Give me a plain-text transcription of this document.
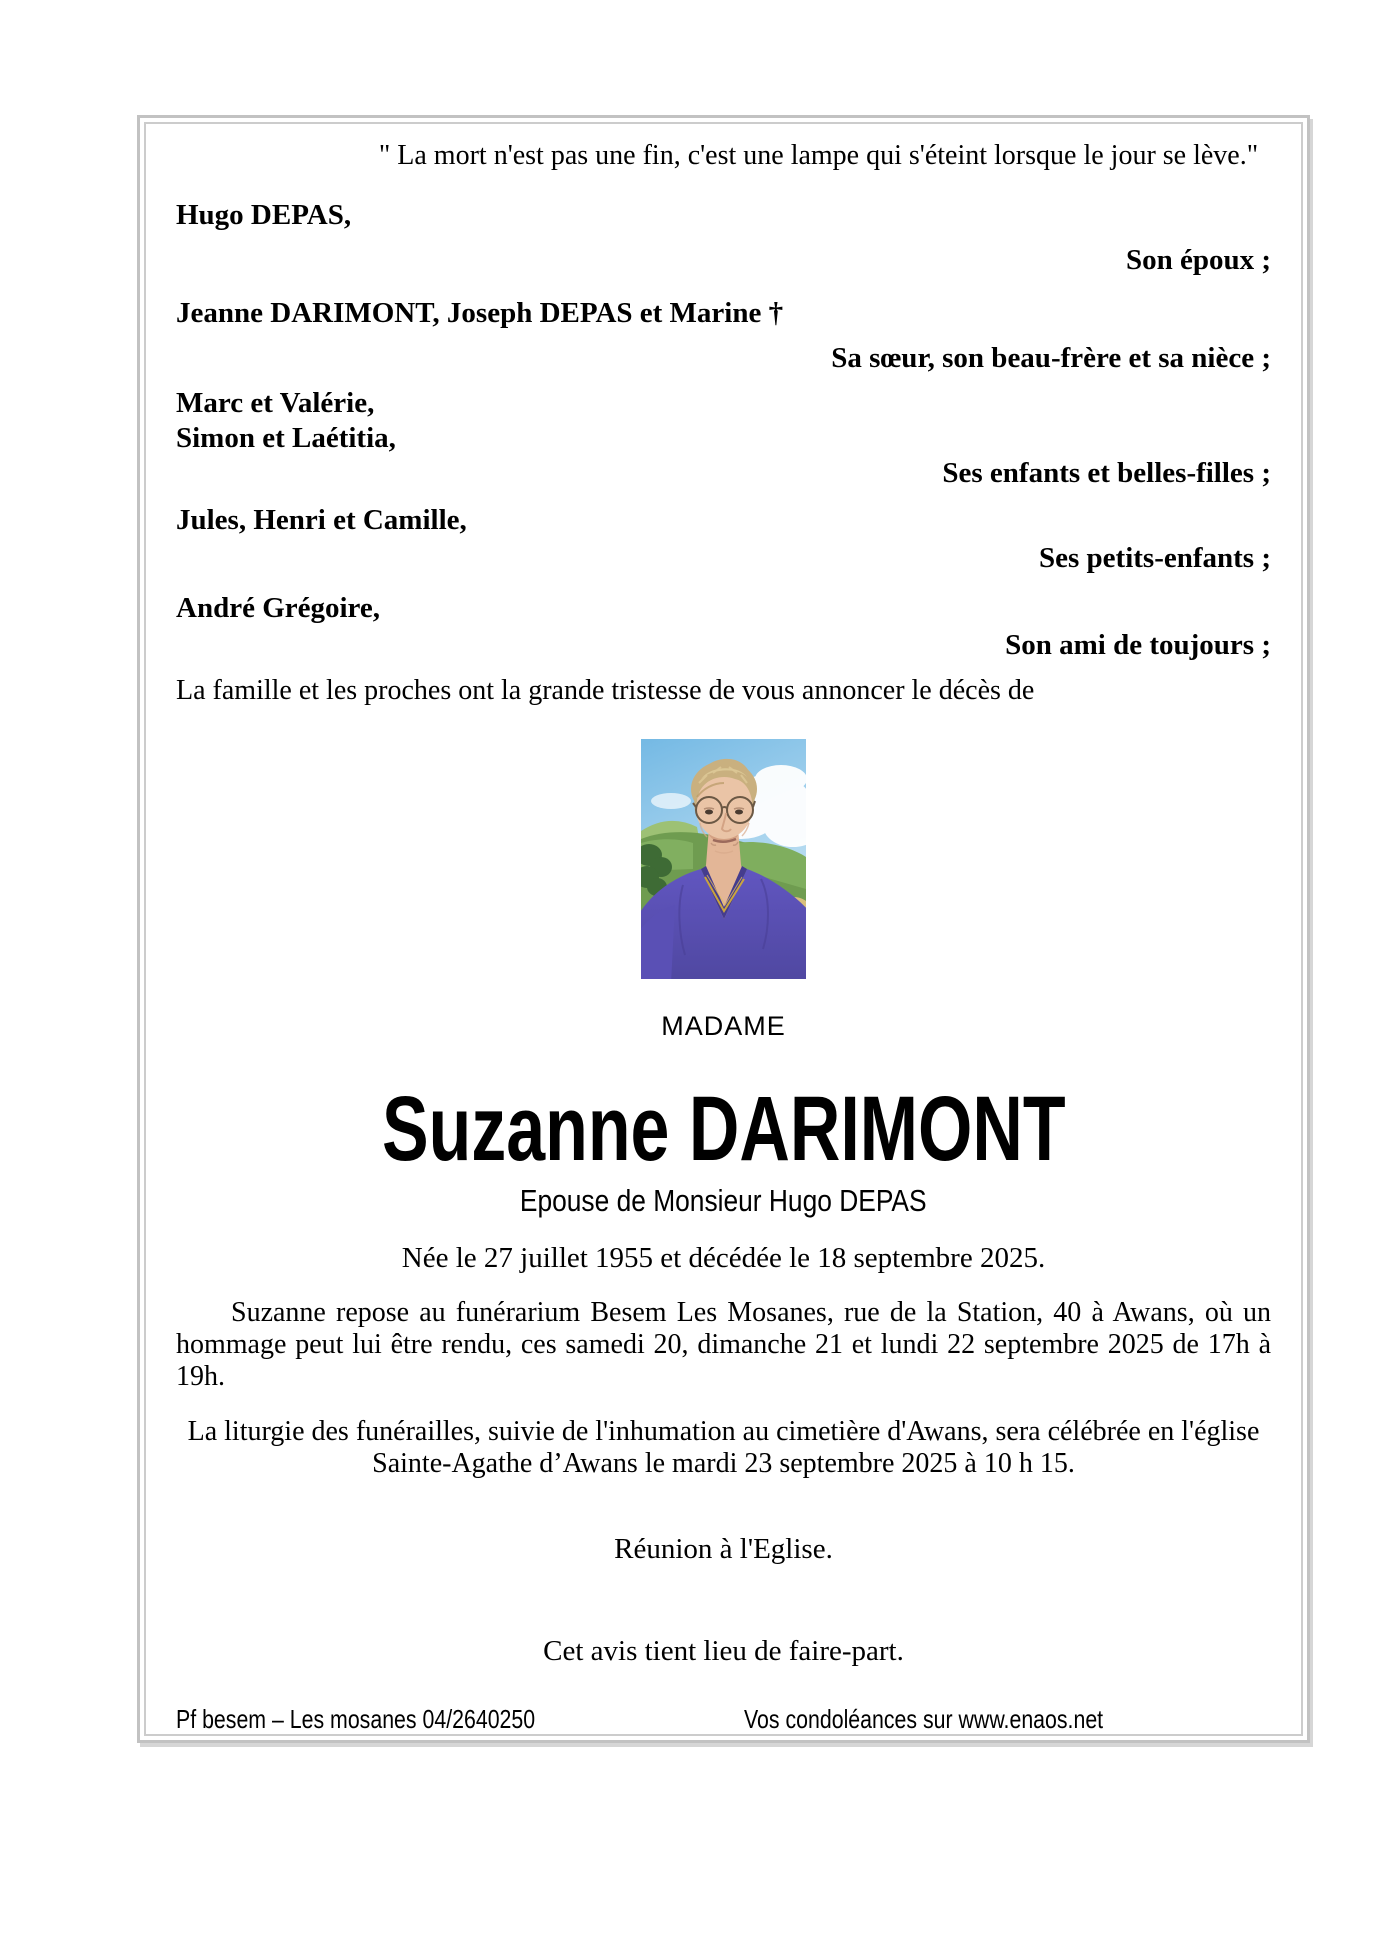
" La mort n'est pas une fin, c'est une lampe qui s'éteint lorsque le jour se lève."
Hugo DEPAS,
Son époux ;
Jeanne DARIMONT, Joseph DEPAS et Marine †
Sa sœur, son beau-frère et sa nièce ;
Marc et Valérie,
Simon et Laétitia,
Ses enfants et belles-filles ;
Jules, Henri et Camille,
Ses petits-enfants ;
André Grégoire,
Son ami de toujours ;
La famille et les proches ont la grande tristesse de vous annoncer le décès de
MADAME
Suzanne DARIMONT
Epouse de Monsieur Hugo DEPAS
Née le 27 juillet 1955 et décédée le 18 septembre 2025.

Suzanne repose au funérarium Besem Les Mosanes, rue de la Station, 40 à Awans, où un hommage peut lui être rendu, ces samedi 20, dimanche 21 et lundi 22 septembre 2025 de 17h à 19h.

La liturgie des funérailles, suivie de l'inhumation au cimetière d'Awans, sera célébrée en l'église Sainte-Agathe d’Awans le mardi 23 septembre 2025 à 10 h 15.

Réunion à l'Eglise.
Cet avis tient lieu de faire-part.
Pf besem – Les mosanes 04/2640250	Vos condoléances sur www.enaos.net
